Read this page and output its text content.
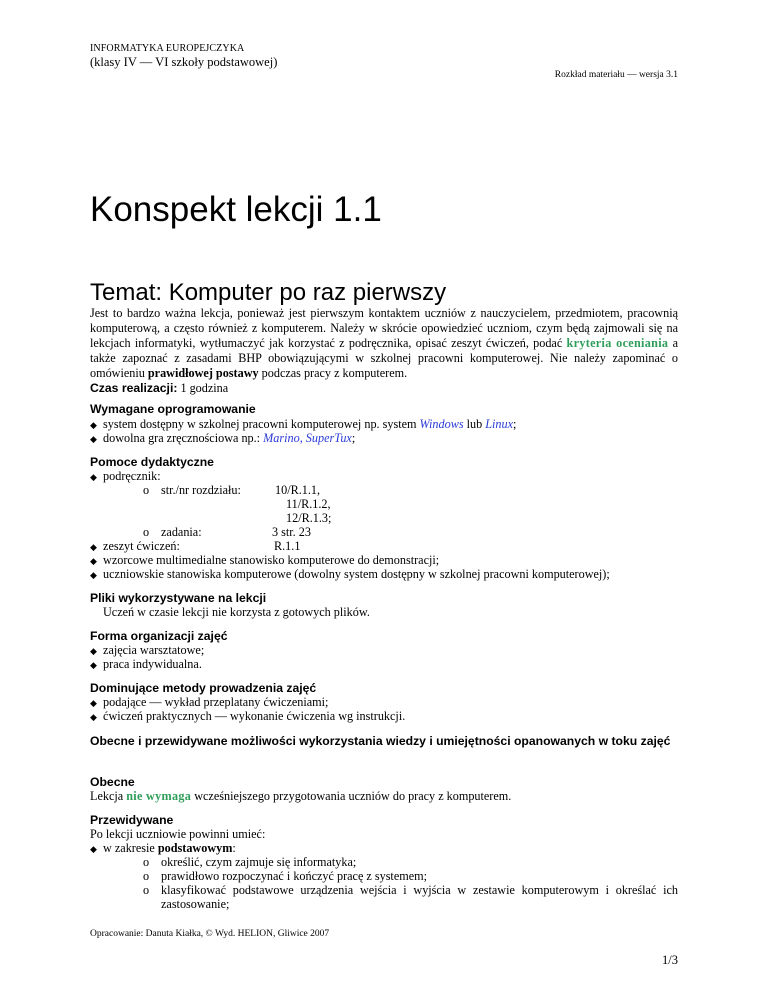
INFORMATYKA EUROPEJCZYKA
(klasy IV — VI szkoły podstawowej)
Rozkład materiału — wersja 3.1
Konspekt lekcji 1.1
Temat: Komputer po raz pierwszy
Jest to bardzo ważna lekcja, ponieważ jest pierwszym kontaktem uczniów z nauczycielem, przedmiotem, pracownią komputerową, a często również z komputerem. Należy w skrócie opowiedzieć uczniom, czym będą zajmowali się na lekcjach informatyki, wytłumaczyć jak korzystać z podręcznika, opisać zeszyt ćwiczeń, podać kryteria oceniania a także zapoznać z zasadami BHP obowiązującymi w szkolnej pracowni komputerowej. Nie należy zapominać o omówieniu prawidłowej postawy podczas pracy z komputerem.
Czas realizacji: 1 godzina
Wymagane oprogramowanie
◆ system dostępny w szkolnej pracowni komputerowej np. system Windows lub Linux;
◆ dowolna gra zręcznościowa np.: Marino, SuperTux;
Pomoce dydaktyczne
◆ podręcznik:
o str./nr rozdziału:	10/R.1.1,
11/R.1.2,
12/R.1.3;
o zadania:	3 str. 23
◆ zeszyt ćwiczeń:	R.1.1
◆ wzorcowe multimedialne stanowisko komputerowe do demonstracji;
◆ uczniowskie stanowiska komputerowe (dowolny system dostępny w szkolnej pracowni komputerowej);
Pliki wykorzystywane na lekcji
Uczeń w czasie lekcji nie korzysta z gotowych plików.
Forma organizacji zajęć
◆ zajęcia warsztatowe;
◆ praca indywidualna.
Dominujące metody prowadzenia zajęć
◆ podające — wykład przeplatany ćwiczeniami;
◆ ćwiczeń praktycznych — wykonanie ćwiczenia wg instrukcji.
Obecne i przewidywane możliwości wykorzystania wiedzy i umiejętności opanowanych w toku zajęć
Obecne
Lekcja nie wymaga wcześniejszego przygotowania uczniów do pracy z komputerem.
Przewidywane
Po lekcji uczniowie powinni umieć:
◆ w zakresie podstawowym:
o określić, czym zajmuje się informatyka;
o prawidłowo rozpoczynać i kończyć pracę z systemem;
o klasyfikować podstawowe urządzenia wejścia i wyjścia w zestawie komputerowym i określać ich zastosowanie;
Opracowanie: Danuta Kiałka, © Wyd. HELION, Gliwice 2007
1/3
